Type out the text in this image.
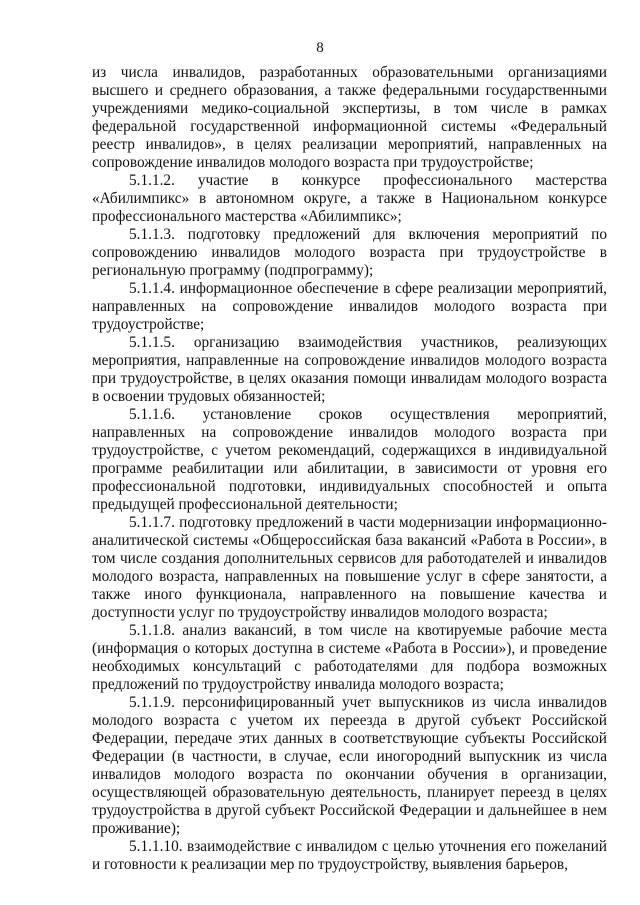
8

из числа инвалидов, разработанных образовательными организациями высшего и среднего образования, а также федеральными государственными учреждениями медико-социальной экспертизы, в том числе в рамках федеральной государственной информационной системы «Федеральный реестр инвалидов», в целях реализации мероприятий, направленных на сопровождение инвалидов молодого возраста при трудоустройстве;

5.1.1.2. участие в конкурсе профессионального мастерства «Абилимпикс» в автономном округе, а также в Национальном конкурсе профессионального мастерства «Абилимпикс»;

5.1.1.3. подготовку предложений для включения мероприятий по сопровождению инвалидов молодого возраста при трудоустройстве в региональную программу (подпрограмму);

5.1.1.4. информационное обеспечение в сфере реализации мероприятий, направленных на сопровождение инвалидов молодого возраста при трудоустройстве;

5.1.1.5. организацию взаимодействия участников, реализующих мероприятия, направленные на сопровождение инвалидов молодого возраста при трудоустройстве, в целях оказания помощи инвалидам молодого возраста в освоении трудовых обязанностей;

5.1.1.6. установление сроков осуществления мероприятий, направленных на сопровождение инвалидов молодого возраста при трудоустройстве, с учетом рекомендаций, содержащихся в индивидуальной программе реабилитации или абилитации, в зависимости от уровня его профессиональной подготовки, индивидуальных способностей и опыта предыдущей профессиональной деятельности;

5.1.1.7. подготовку предложений в части модернизации информационно-аналитической системы «Общероссийская база вакансий «Работа в России», в том числе создания дополнительных сервисов для работодателей и инвалидов молодого возраста, направленных на повышение услуг в сфере занятости, а также иного функционала, направленного на повышение качества и доступности услуг по трудоустройству инвалидов молодого возраста;

5.1.1.8. анализ вакансий, в том числе на квотируемые рабочие места (информация о которых доступна в системе «Работа в России»), и проведение необходимых консультаций с работодателями для подбора возможных предложений по трудоустройству инвалида молодого возраста;

5.1.1.9. персонифицированный учет выпускников из числа инвалидов молодого возраста с учетом их переезда в другой субъект Российской Федерации, передаче этих данных в соответствующие субъекты Российской Федерации (в частности, в случае, если иногородний выпускник из числа инвалидов молодого возраста по окончании обучения в организации, осуществляющей образовательную деятельность, планирует переезд в целях трудоустройства в другой субъект Российской Федерации и дальнейшее в нем проживание);

5.1.1.10. взаимодействие с инвалидом с целью уточнения его пожеланий и готовности к реализации мер по трудоустройству, выявления барьеров,
